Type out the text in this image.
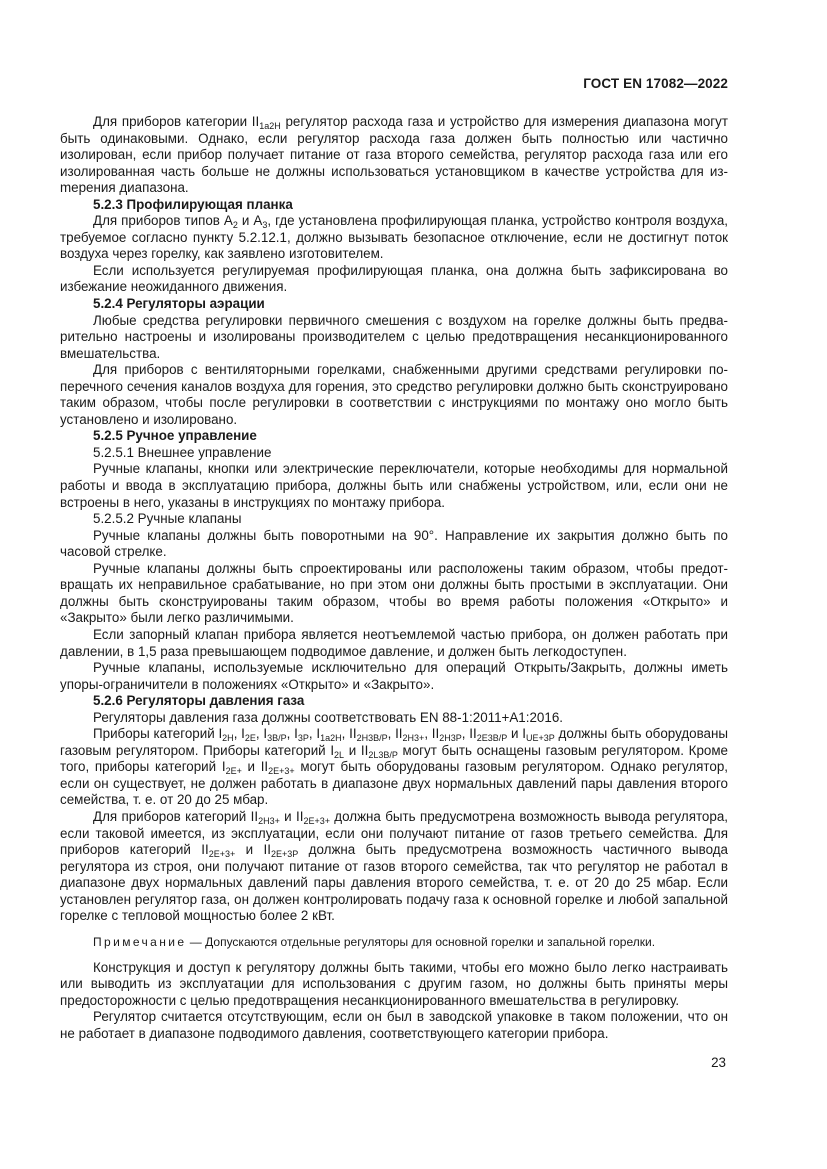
ГОСТ EN 17082—2022

Для приборов категории $II_{1a2H}$ регулятор расхода газа и устройство для измерения диапазона могут быть одинаковыми. Однако, если регулятор расхода газа должен быть полностью или частично изолирован, если прибор получает питание от газа второго семейства, регулятор расхода газа или его изолированная часть больше не должны использоваться установщиком в качестве устройства для изmерения диапазона.

5.2.3 Профилирующая планка

Для приборов типов $А_2$ и $А_3$, где установлена профилирующая планка, устройство контроля воздуха, требуемое согласно пункту 5.2.12.1, должно вызывать безопасное отключение, если не достигнут поток воздуха через горелку, как заявлено изготовителем.

Если используется регулируемая профилирующая планка, она должна быть зафиксирована во избежание неожиданного движения.

5.2.4 Регуляторы аэрации

Любые средства регулировки первичного смешения с воздухом на горелке должны быть предварительно настроены и изолированы производителем с целью предотвращения несанкционированного вмешательства.

Для приборов с вентиляторными горелками, снабженными другими средствами регулировки поперечного сечения каналов воздуха для горения, это средство регулировки должно быть сконструировано таким образом, чтобы после регулировки в соответствии с инструкциями по монтажу оно могло быть установлено и изолировано.

5.2.5 Ручное управление

5.2.5.1 Внешнее управление

Ручные клапаны, кнопки или электрические переключатели, которые необходимы для нормальной работы и ввода в эксплуатацию прибора, должны быть или снабжены устройством, или, если они не встроены в него, указаны в инструкциях по монтажу прибора.

5.2.5.2 Ручные клапаны

Ручные клапаны должны быть поворотными на 90°. Направление их закрытия должно быть по часовой стрелке.

Ручные клапаны должны быть спроектированы или расположены таким образом, чтобы предотвращать их неправильное срабатывание, но при этом они должны быть простыми в эксплуатации. Они должны быть сконструированы таким образом, чтобы во время работы положения «Открыто» и «Закрыто» были легко различимыми.

Если запорный клапан прибора является неотъемлемой частью прибора, он должен работать при давлении, в 1,5 раза превышающем подводимое давление, и должен быть легкодоступен.

Ручные клапаны, используемые исключительно для операций Открыть/Закрыть, должны иметь упоры-ограничители в положениях «Открыто» и «Закрыто».

5.2.6 Регуляторы давления газа

Регуляторы давления газа должны соответствовать EN 88-1:2011+A1:2016.

Приборы категорий $I_{2H}$, $I_{2E}$, $I_{3B/P}$, $I_{3P}$, $I_{1a2H}$, $II_{2H3B/P}$, $II_{2H3+}$, $II_{2H3P}$, $II_{2E3B/P}$ и $I_{UE+3P}$ должны быть оборудованы газовым регулятором. Приборы категорий $I_{2L}$ и $II_{2L3B/P}$ могут быть оснащены газовым регулятором. Кроме того, приборы категорий $I_{2E+}$ и $II_{2E+3+}$ могут быть оборудованы газовым регулятором. Однако регулятор, если он существует, не должен работать в диапазоне двух нормальных давлений пары давления второго семейства, т. е. от 20 до 25 мбар.

Для приборов категорий $II_{2H3+}$ и $II_{2E+3+}$ должна быть предусмотрена возможность вывода регулятора, если таковой имеется, из эксплуатации, если они получают питание от газов третьего семейства. Для приборов категорий $II_{2E+3+}$ и $II_{2E+3P}$ должна быть предусмотрена возможность частичного вывода регулятора из строя, они получают питание от газов второго семейства, так что регулятор не работал в диапазоне двух нормальных давлений пары давления второго семейства, т. е. от 20 до 25 мбар. Если установлен регулятор газа, он должен контролировать подачу газа к основной горелке и любой запальной горелке с тепловой мощностью более 2 кВт.

Примечание — Допускаются отдельные регуляторы для основной горелки и запальной горелки.

Конструкция и доступ к регулятору должны быть такими, чтобы его можно было легко настраивать или выводить из эксплуатации для использования с другим газом, но должны быть приняты меры предосторожности с целью предотвращения несанкционированного вмешательства в регулировку.

Регулятор считается отсутствующим, если он был в заводской упаковке в таком положении, что он не работает в диапазоне подводимого давления, соответствующего категории прибора.

23
